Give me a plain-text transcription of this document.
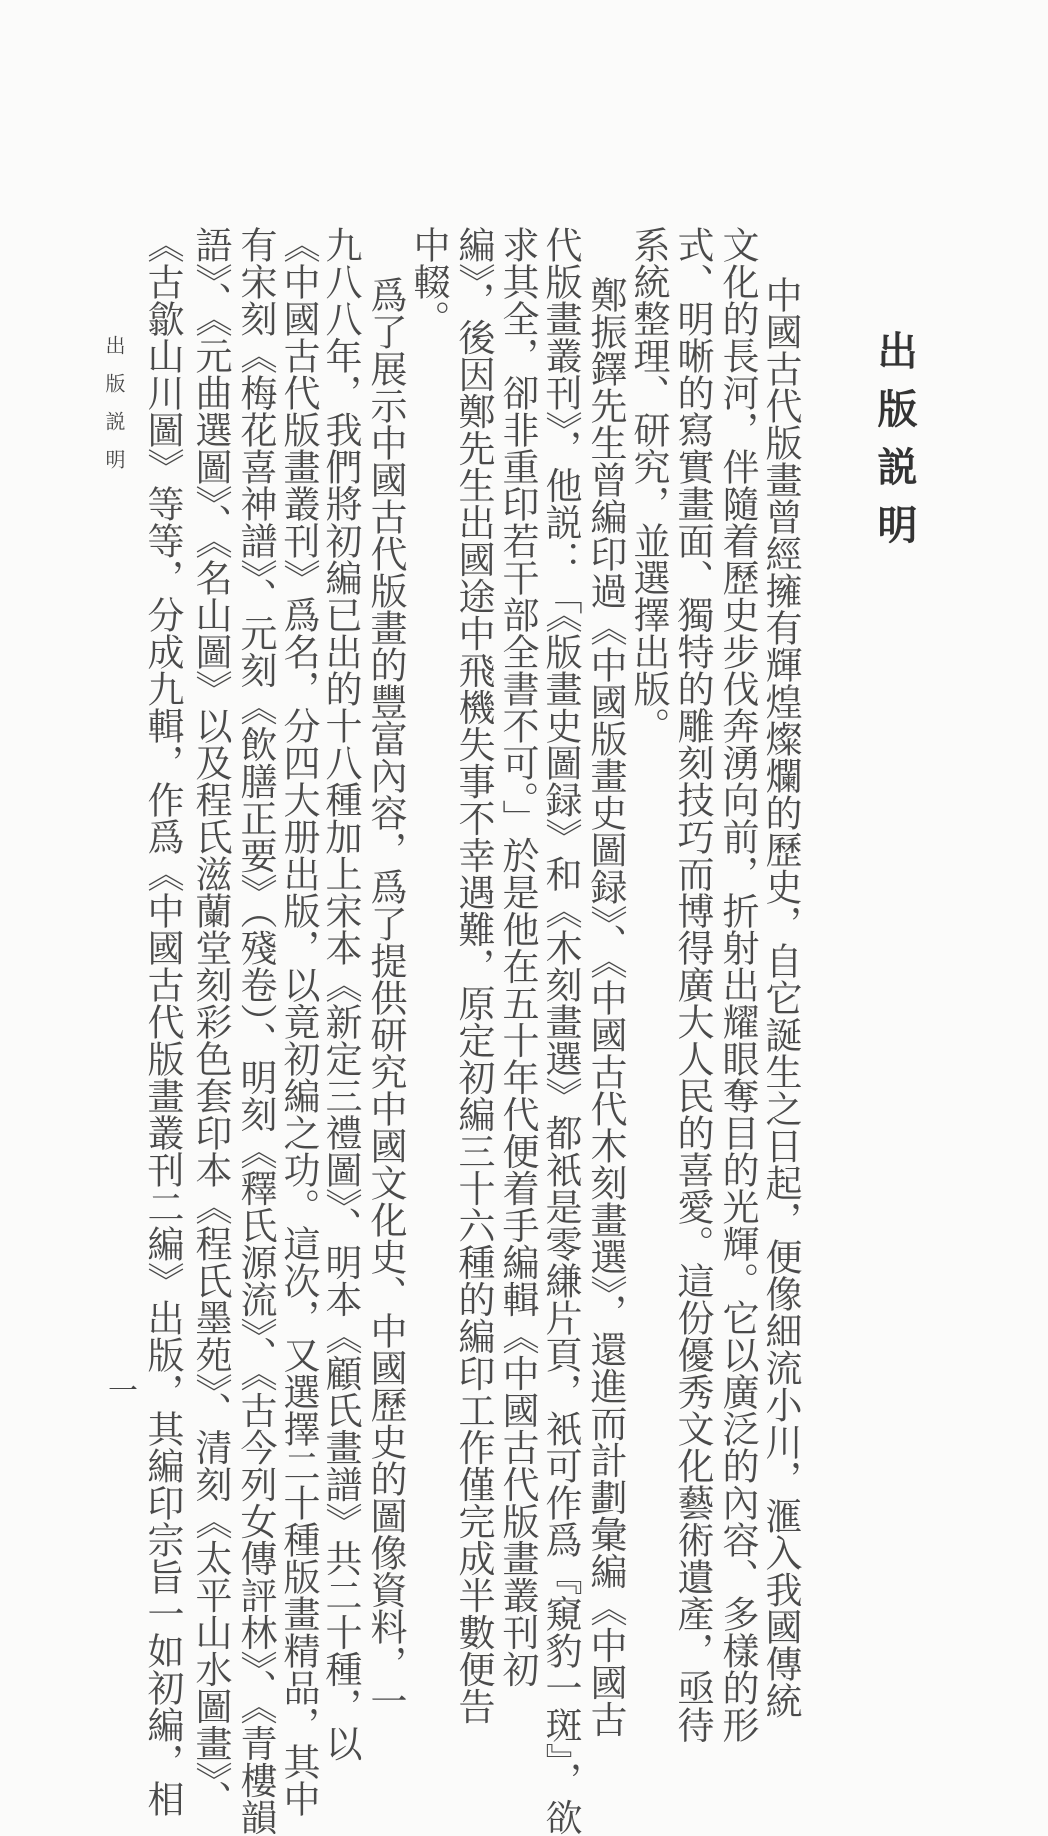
出版説明
中國古代版畫曾經擁有輝煌燦爛的歷史，自它誕生之日起，便像細流小川，滙入我國傳統
文化的長河，伴隨着歷史步伐奔湧向前，折射出耀眼奪目的光輝。它以廣泛的內容、多樣的形
式、明晰的寫實畫面、獨特的雕刻技巧而博得廣大人民的喜愛。這份優秀文化藝術遺產，亟待
系統整理、研究，並選擇出版。
鄭振鐸先生曾編印過《中國版畫史圖録》、《中國古代木刻畫選》，還進而計劃彙編《中國古
代版畫叢刊》，他説：「《版畫史圖録》和《木刻畫選》都衹是零縑片頁，衹可作爲『窺豹一斑』，欲
求其全，卻非重印若干部全書不可。」於是他在五十年代便着手編輯《中國古代版畫叢刊初
編》，後因鄭先生出國途中飛機失事不幸遇難，原定初編三十六種的編印工作僅完成半數便告
中輟。
爲了展示中國古代版畫的豐富內容，爲了提供研究中國文化史、中國歷史的圖像資料，一
九八八年，我們將初編已出的十八種加上宋本《新定三禮圖》、明本《顧氏畫譜》共二十種，以
《中國古代版畫叢刊》爲名，分四大册出版，以竟初編之功。這次，又選擇二十種版畫精品，其中
有宋刻《梅花喜神譜》、元刻《飲膳正要》（殘卷）、明刻《釋氏源流》、《古今列女傳評林》、《青樓韻
語》、《元曲選圖》、《名山圖》以及程氏滋蘭堂刻彩色套印本《程氏墨苑》、清刻《太平山水圖畫》、
《古歙山川圖》等等，分成九輯，作爲《中國古代版畫叢刊二編》出版，其編印宗旨一如初編，相
出版説明
一
